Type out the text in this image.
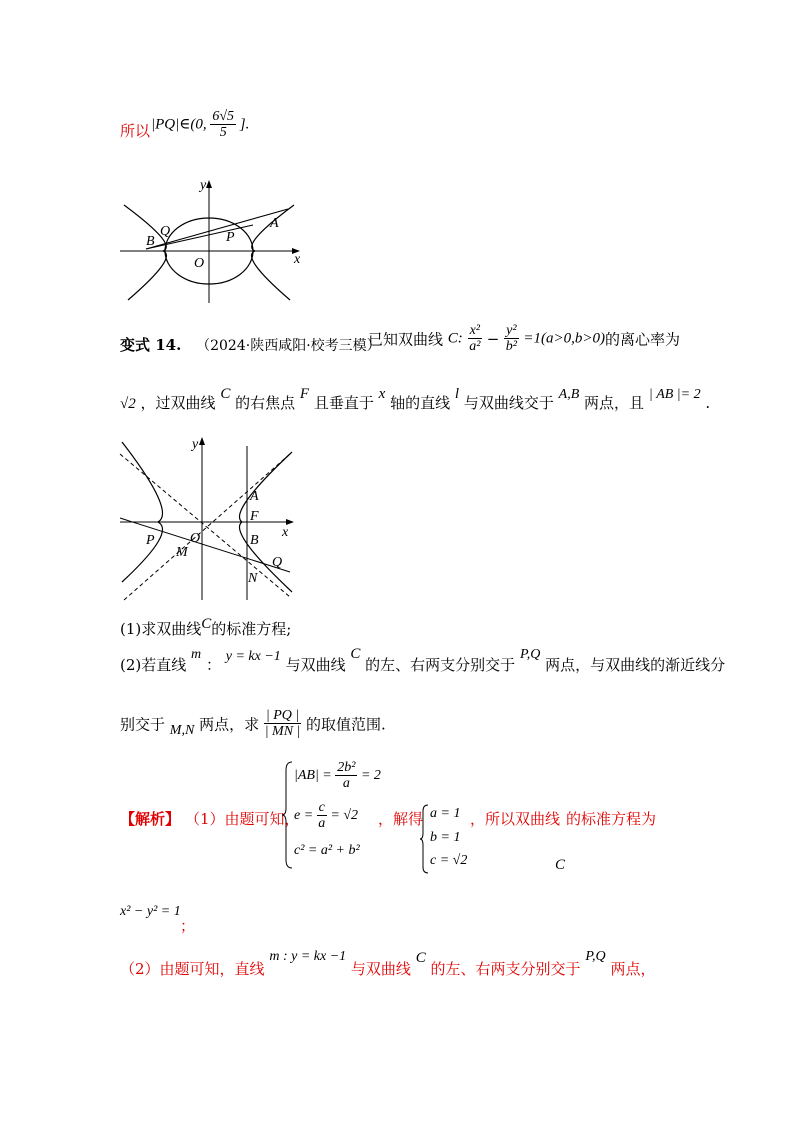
所以 |PQ|∈(0, $\frac{6√5}{5}$ ].
y
x
O
Q
B	P
A
变式 14. （2024·陕西咸阳·校考三模）
已知双曲线 C: $\frac{\text{x²}}{\text{a²}} - \frac{\text{y²}}{\text{b²}} =1(a>0,b>0)$的离心率为
√2 ，过双曲线 C 的右焦点 F 且垂直于 x 轴的直线 l 与双曲线交于 A,B 两点，且 | AB |= 2 .
y
x
O
A
F
B
P
M
N
Q
(1)求双曲线C的标准方程;
(2)若直线 m ： y = kx −1 与双曲线 C 的左、右两支分别交于 P,Q 两点，与双曲线的渐近线分
别交于 M,N 两点，求 $\frac{| PQ |}{| MN |}$ 的取值范围.
【解析】 （1）由题可知，
$|AB| = \frac{\text{2b²}}{a} = 2$
$e = \frac{c}{a} = √2$
c² = a² + b²
，解得 a = 1
b = 1
c = √2
，所以双曲线 的标准方程为
C
x² − y² = 1
；
（2）由题可知，直线 m : y = kx −1 与双曲线 C 的左、右两支分别交于 P,Q 两点，
